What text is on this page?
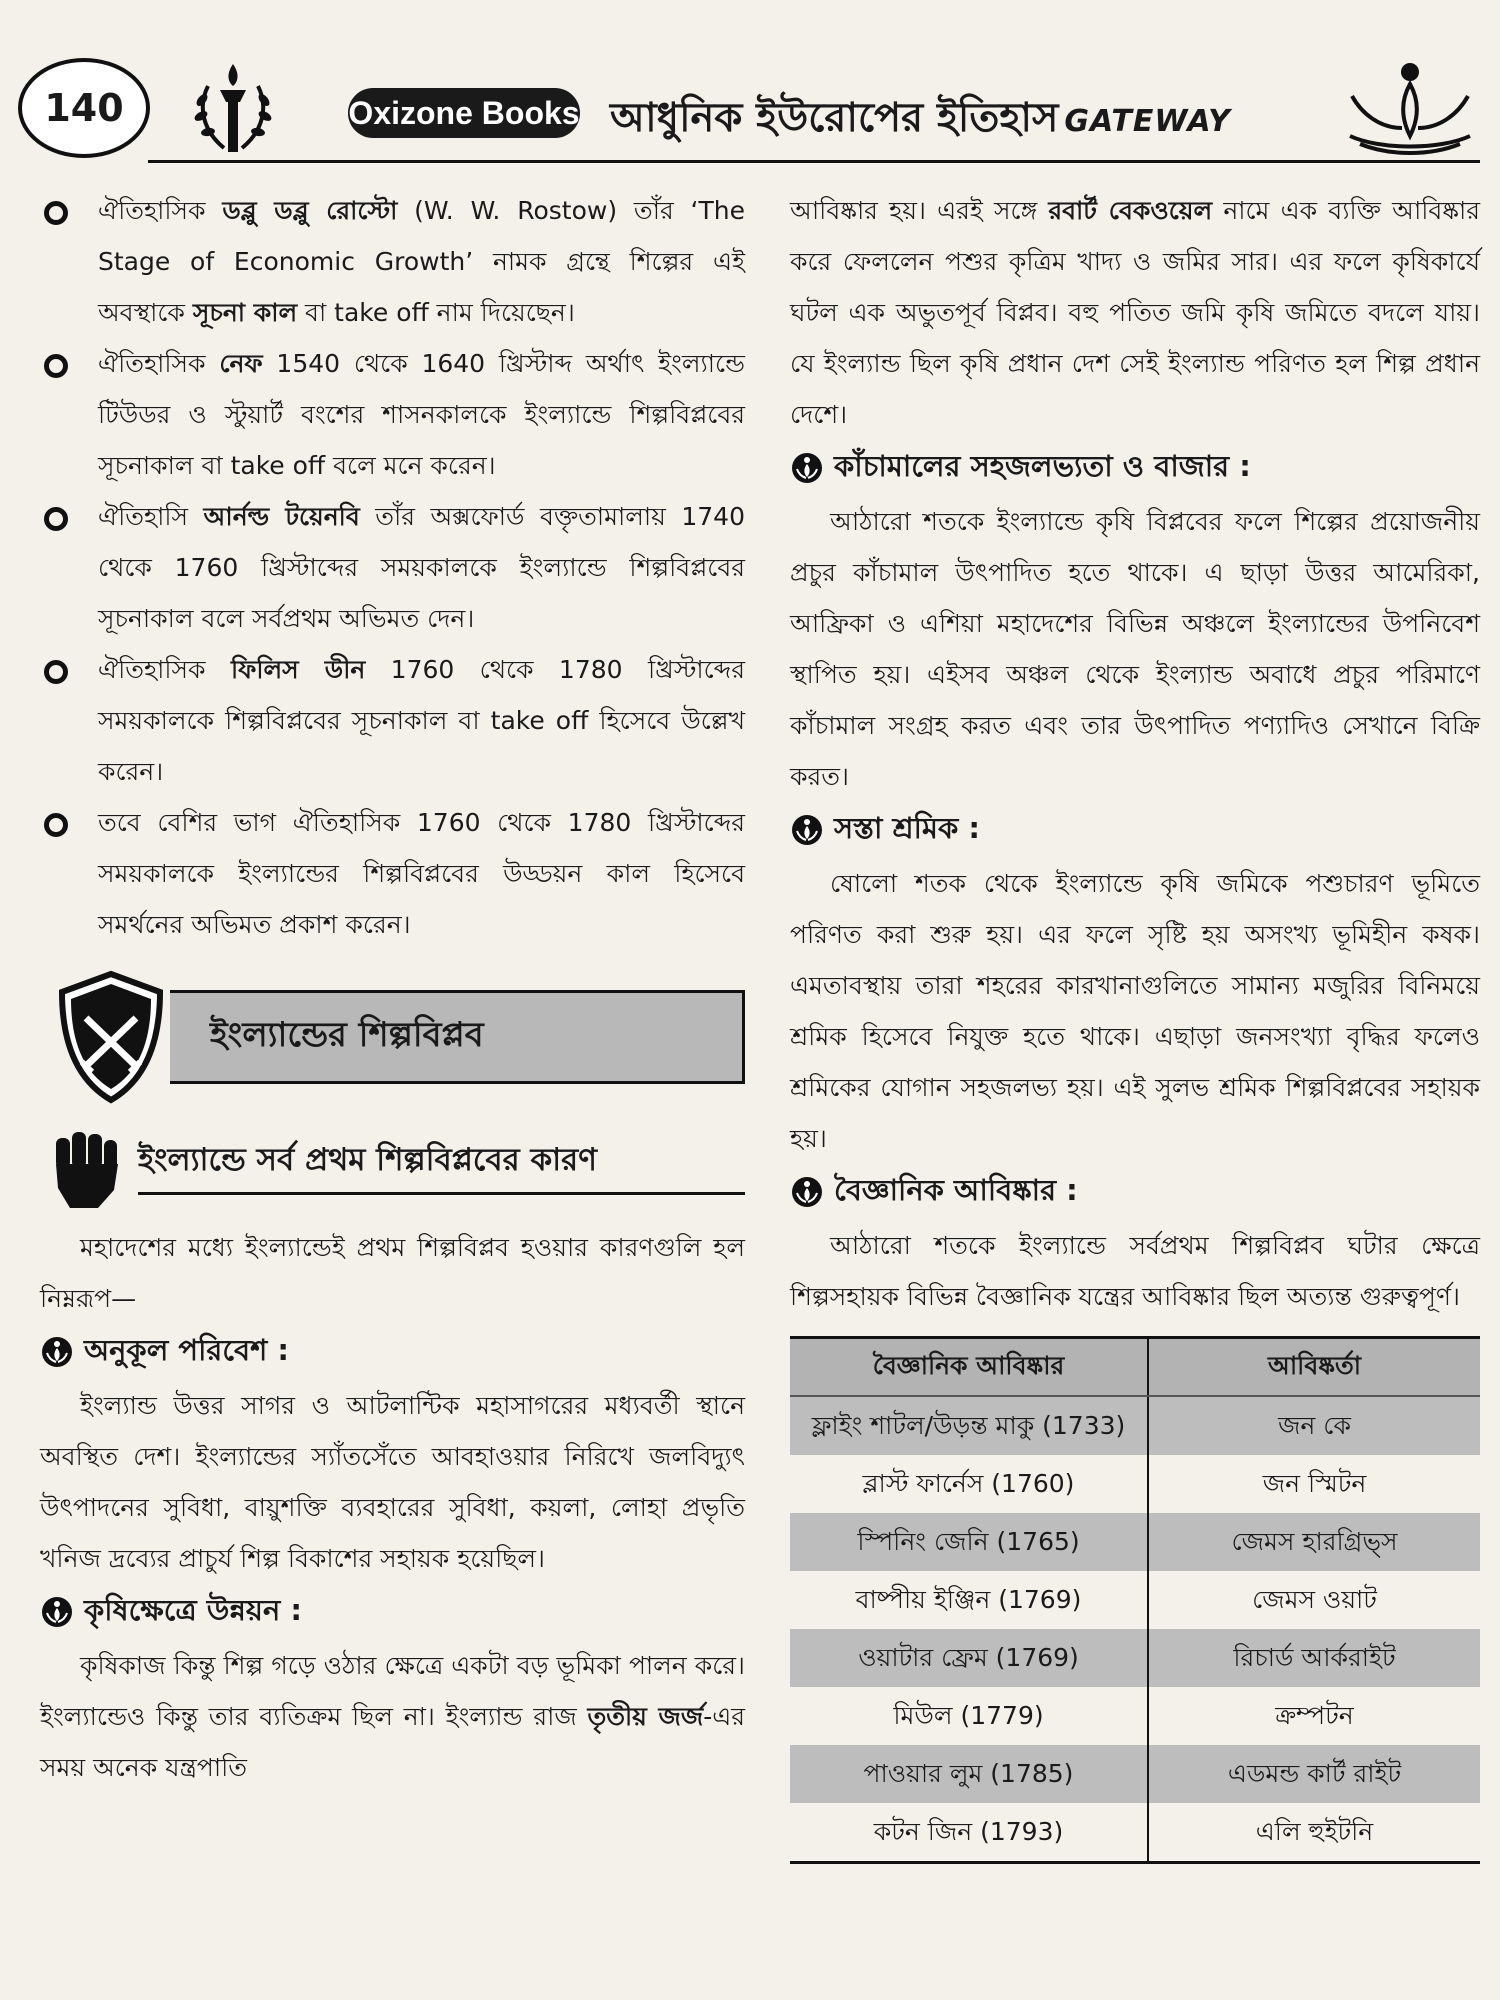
140	Oxizone Books আধুনিক ইউরোপের ইতিহাস GATEWAY
ঐতিহাসিক ডব্লু ডব্লু রোস্টো (W. W. Rostow) তাঁর ‘The Stage of Economic Growth’ নামক গ্রন্থে শিল্পের এই অবস্থাকে সূচনা কাল বা take off নাম দিয়েছেন।
ঐতিহাসিক নেফ 1540 থেকে 1640 খ্রিস্টাব্দ অর্থাৎ ইংল্যান্ডে টিউডর ও স্টুয়ার্ট বংশের শাসনকালকে ইংল্যান্ডে শিল্পবিপ্লবের সূচনাকাল বা take off বলে মনে করেন।
ঐতিহাসি আর্নল্ড টয়েনবি তাঁর অক্সফোর্ড বক্তৃতামালায় 1740 থেকে 1760 খ্রিস্টাব্দের সময়কালকে ইংল্যান্ডে শিল্পবিপ্লবের সূচনাকাল বলে সর্বপ্রথম অভিমত দেন।
ঐতিহাসিক ফিলিস ডীন 1760 থেকে 1780 খ্রিস্টাব্দের সময়কালকে শিল্পবিপ্লবের সূচনাকাল বা take off হিসেবে উল্লেখ করেন।
তবে বেশির ভাগ ঐতিহাসিক 1760 থেকে 1780 খ্রিস্টাব্দের সময়কালকে ইংল্যান্ডের শিল্পবিপ্লবের উড্ডয়ন কাল হিসেবে সমর্থনের অভিমত প্রকাশ করেন।
ইংল্যান্ডের শিল্পবিপ্লব
ইংল্যান্ডে সর্ব প্রথম শিল্পবিপ্লবের কারণ

মহাদেশের মধ্যে ইংল্যান্ডেই প্রথম শিল্পবিপ্লব হওয়ার কারণগুলি হল নিম্নরূপ—

অনুকূল পরিবেশ :

ইংল্যান্ড উত্তর সাগর ও আটলান্টিক মহাসাগরের মধ্যবর্তী স্থানে অবস্থিত দেশ। ইংল্যান্ডের স্যাঁতসেঁতে আবহাওয়ার নিরিখে জলবিদ্যুৎ উৎপাদনের সুবিধা, বায়ুশক্তি ব্যবহারের সুবিধা, কয়লা, লোহা প্রভৃতি খনিজ দ্রব্যের প্রাচুর্য শিল্প বিকাশের সহায়ক হয়েছিল।

কৃষিক্ষেত্রে উন্নয়ন :

কৃষিকাজ কিন্তু শিল্প গড়ে ওঠার ক্ষেত্রে একটা বড় ভূমিকা পালন করে। ইংল্যান্ডেও কিন্তু তার ব্যতিক্রম ছিল না। ইংল্যান্ড রাজ তৃতীয় জর্জ-এর সময় অনেক যন্ত্রপাতি

আবিষ্কার হয়। এরই সঙ্গে রবার্ট বেকওয়েল নামে এক ব্যক্তি আবিষ্কার করে ফেললেন পশুর কৃত্রিম খাদ্য ও জমির সার। এর ফলে কৃষিকার্যে ঘটল এক অভুতপূর্ব বিপ্লব। বহু পতিত জমি কৃষি জমিতে বদলে যায়। যে ইংল্যান্ড ছিল কৃষি প্রধান দেশ সেই ইংল্যান্ড পরিণত হল শিল্প প্রধান দেশে।

কাঁচামালের সহজলভ্যতা ও বাজার :

আঠারো শতকে ইংল্যান্ডে কৃষি বিপ্লবের ফলে শিল্পের প্রয়োজনীয় প্রচুর কাঁচামাল উৎপাদিত হতে থাকে। এ ছাড়া উত্তর আমেরিকা, আফ্রিকা ও এশিয়া মহাদেশের বিভিন্ন অঞ্চলে ইংল্যান্ডের উপনিবেশ স্থাপিত হয়। এইসব অঞ্চল থেকে ইংল্যান্ড অবাধে প্রচুর পরিমাণে কাঁচামাল সংগ্রহ করত এবং তার উৎপাদিত পণ্যাদিও সেখানে বিক্রি করত।

সস্তা শ্রমিক :

ষোলো শতক থেকে ইংল্যান্ডে কৃষি জমিকে পশুচারণ ভূমিতে পরিণত করা শুরু হয়। এর ফলে সৃষ্টি হয় অসংখ্য ভূমিহীন কষক। এমতাবস্থায় তারা শহরের কারখানাগুলিতে সামান্য মজুরির বিনিময়ে শ্রমিক হিসেবে নিযুক্ত হতে থাকে। এছাড়া জনসংখ্যা বৃদ্ধির ফলেও শ্রমিকের যোগান সহজলভ্য হয়। এই সুলভ শ্রমিক শিল্পবিপ্লবের সহায়ক হয়।

বৈজ্ঞানিক আবিষ্কার :

আঠারো শতকে ইংল্যান্ডে সর্বপ্রথম শিল্পবিপ্লব ঘটার ক্ষেত্রে শিল্পসহায়ক বিভিন্ন বৈজ্ঞানিক যন্ত্রের আবিষ্কার ছিল অত্যন্ত গুরুত্বপূর্ণ।

বৈজ্ঞানিক আবিষ্কার	আবিষ্কর্তা
ফ্লাইং শাটল/উড়ন্ত মাকু (1733)	জন কে
ব্লাস্ট ফার্নেস (1760)	জন স্মিটন
স্পিনিং জেনি (1765)	জেমস হারগ্রিভ্স
বাষ্পীয় ইঞ্জিন (1769)	জেমস ওয়াট
ওয়াটার ফ্রেম (1769)	রিচার্ড আর্করাইট
মিউল (1779)	ক্রম্পটন
পাওয়ার লুম (1785)	এডমন্ড কার্ট রাইট
কটন জিন (1793)	এলি হুইটনি
